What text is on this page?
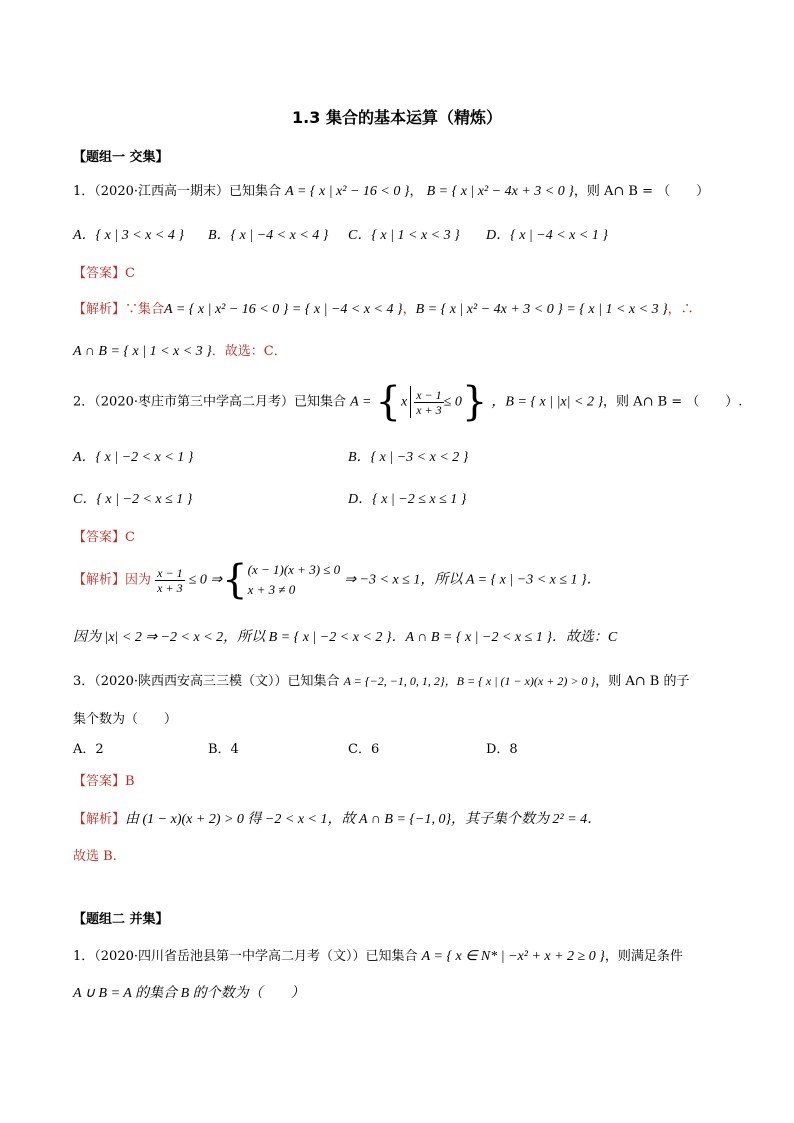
1.3 集合的基本运算（精炼）
【题组一 交集】
1．（2020·江西高一期末）已知集合 A = { x | x² − 16 < 0 }， B = { x | x² − 4x + 3 < 0 }，则 A∩ B = （　　）
A．{ x | 3 < x < 4 } B．{ x | −4 < x < 4 } C．{ x | 1 < x < 3 } D．{ x | −4 < x < 1 }
【答案】C
【解析】∵集合A = { x | x² − 16 < 0 } = { x | −4 < x < 4 }，B = { x | x² − 4x + 3 < 0 } = { x | 1 < x < 3 }，∴
A ∩ B = { x | 1 < x < 3 }．故选：C．
2．（2020·枣庄市第三中学高二月考）已知集合 $A = \{x \frac{x - 1}{x + 3} \le 0\}$ ，B = { x | |x| < 2 }，则 A∩ B = （　　）.
A．{ x | −2 < x < 1 }	B．{ x | −3 < x < 2 }
C．{ x | −2 < x ≤ 1 }	D．{ x | −2 ≤ x ≤ 1 }
【答案】C
【解析】因为 $\frac{x - 1}{x + 3} \le 0$ ⇒{ (x − 1)(x + 3) ≤ 0
x + 3 ≠ 0
⇒ −3 < x ≤ 1，所以 A = { x | −3 < x ≤ 1 }．
因为 |x| < 2 ⇒ −2 < x < 2，所以 B = { x | −2 < x < 2 }．A ∩ B = { x | −2 < x ≤ 1 }．故选：C
3．（2020·陕西西安高三三模（文））已知集合 A = {−2, −1, 0, 1, 2}，B = { x | (1 − x)(x + 2) > 0 }，则 A∩ B 的子
集个数为（　　）
A．2	B．4	C．6	D．8
【答案】B
【解析】由 (1 − x)(x + 2) > 0 得 −2 < x < 1，故 A ∩ B = {−1, 0}，其子集个数为 2² = 4．
故选 B.
【题组二 并集】
1．（2020·四川省岳池县第一中学高二月考（文））已知集合 A = { x ∈ N* | −x² + x + 2 ≥ 0 }，则满足条件
A ∪ B = A 的集合 B 的个数为（　　）
